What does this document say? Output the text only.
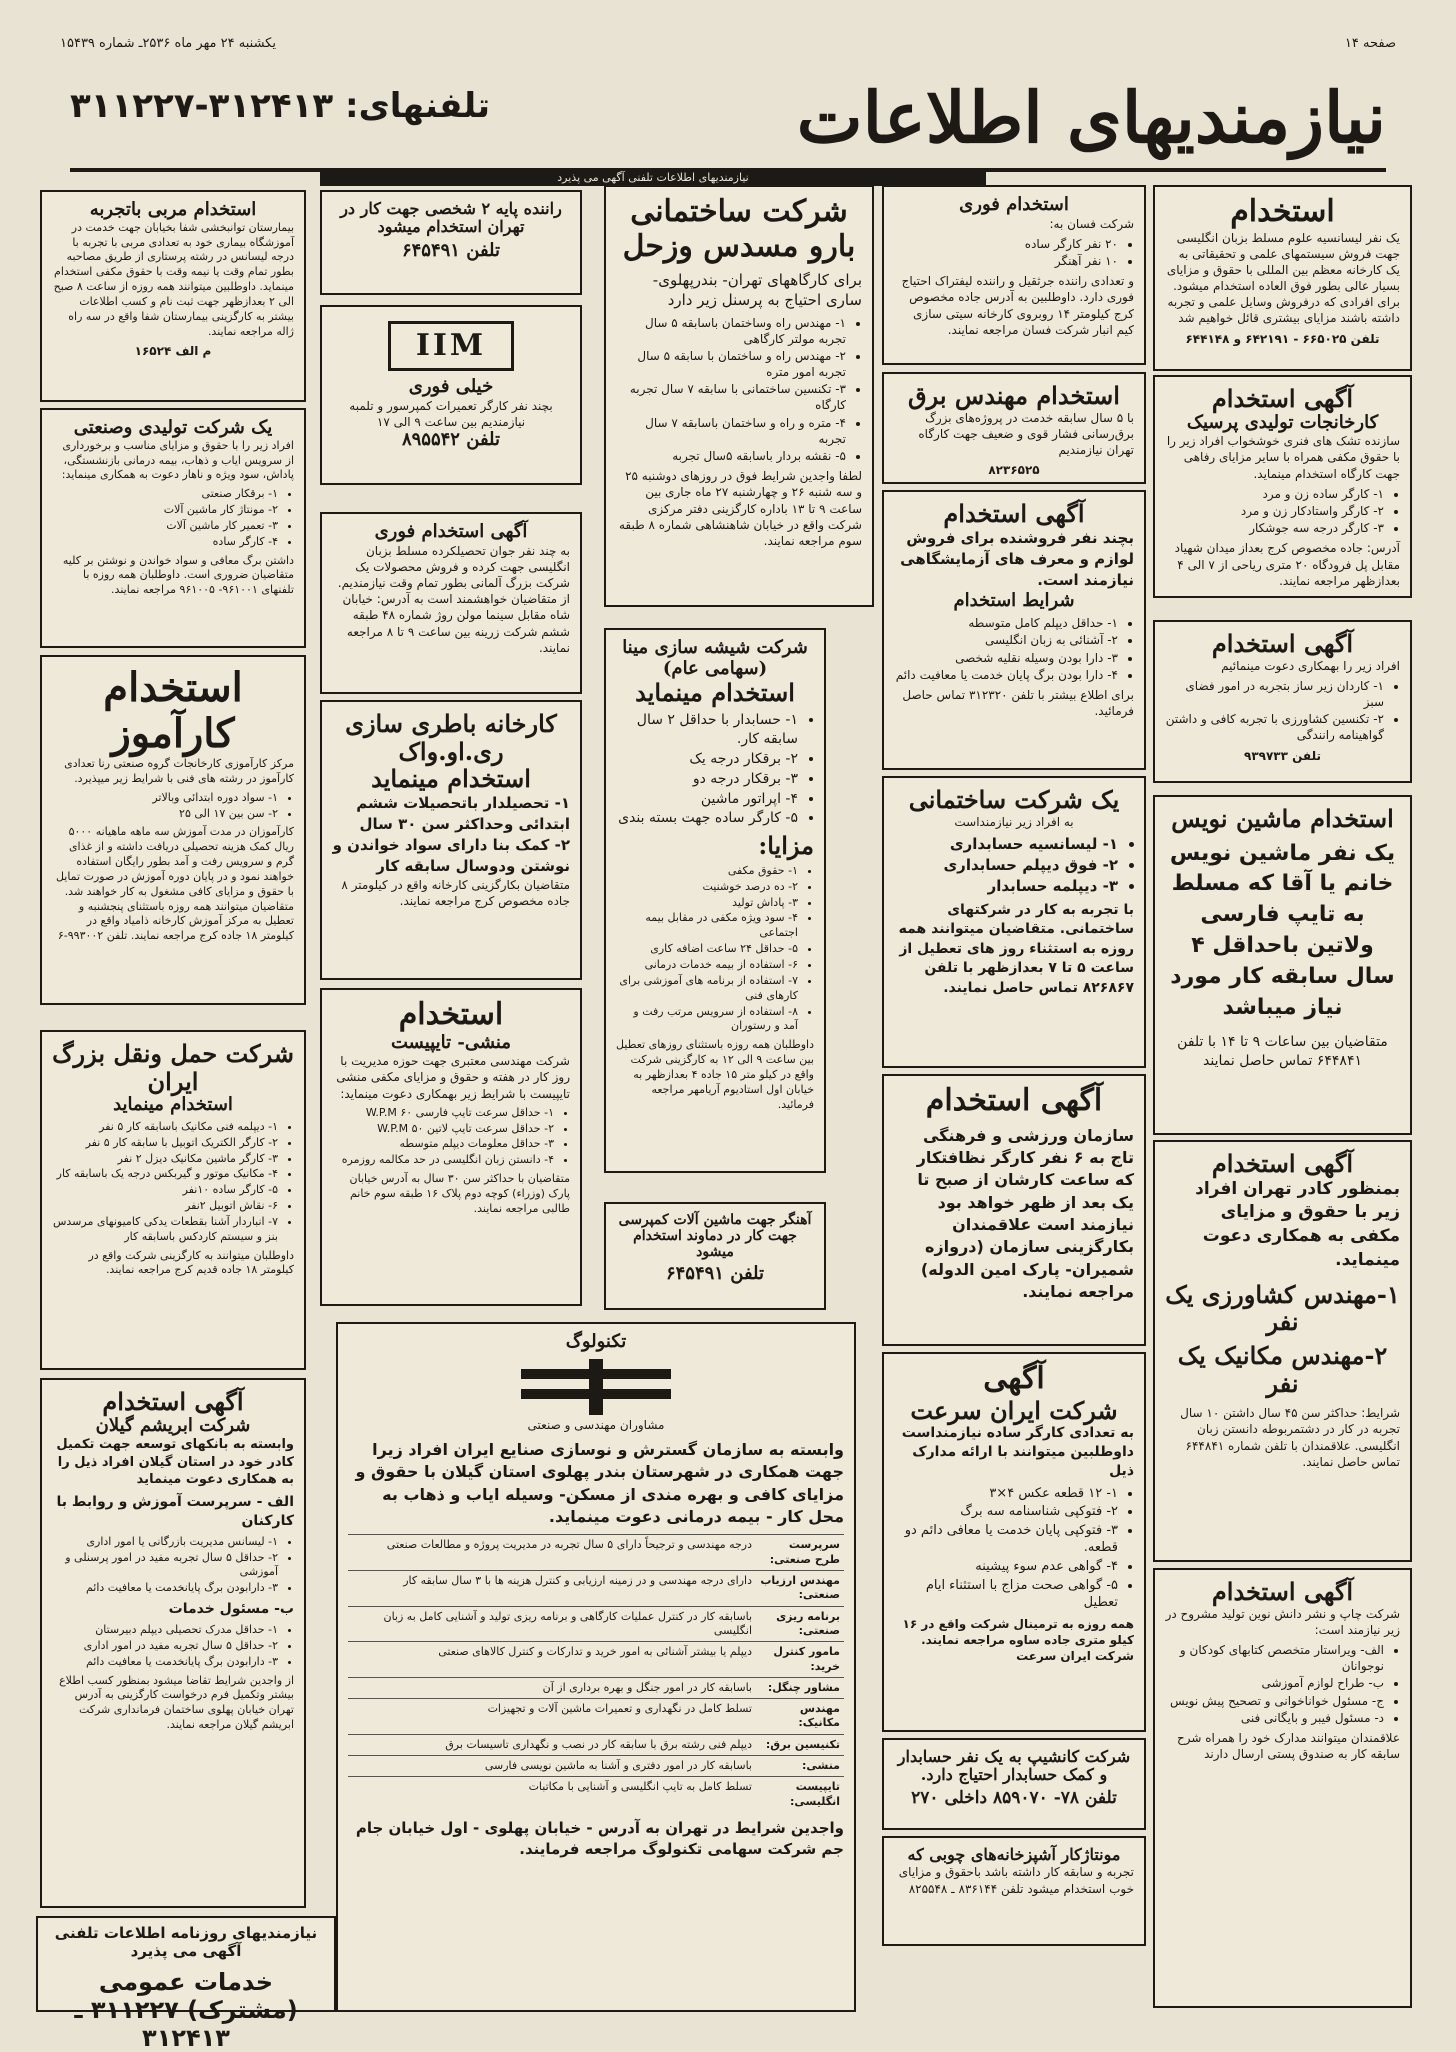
صفحه ۱۴
یکشنبه ۲۴ مهر ماه ۲۵۳۶ـ شماره ۱۵۴۳۹
نیازمندیهای اطلاعات
تلفنهای: ۳۱۲۴۱۳-۳۱۱۲۲۷
نیازمندیهای اطلاعات تلفنی آگهی می پذیرد
استخدام
یک نفر لیسانسیه علوم مسلط بزبان انگلیسی جهت فروش سیستمهای علمی و تحقیقاتی به یک کارخانه معظم بین المللی با حقوق و مزایای بسیار عالی بطور فوق العاده استخدام میشود. برای افرادی که درفروش وسایل علمی و تجربه داشته باشند مزایای بیشتری قائل خواهیم شد
تلفن ۶۶۵۰۲۵ - ۶۴۲۱۹۱ و ۶۴۴۱۴۸
آگهی استخدام
کارخانجات تولیدی پرسیک
سازنده تشک های فنری خوشخواب افراد زیر را با حقوق مکفی همراه با سایر مزایای رفاهی جهت کارگاه استخدام مینماید.
• ۱- کارگر ساده زن و مرد
• ۲- کارگر واستادکار زن و مرد
• ۳- کارگر درجه سه جوشکار
آدرس: جاده مخصوص کرج بعداز میدان شهیاد مقابل پل فرودگاه ۲۰ متری ریاحی از ۷ الی ۴ بعدازظهر مراجعه نمایند.
آگهی استخدام
افراد زیر را بهمکاری دعوت مینمائیم
• ۱- کاردان زیر ساز بتجربه در امور فضای سبز
• ۲- تکنسین کشاورزی با تجربه کافی و داشتن گواهینامه رانندگی
تلفن ۹۳۹۷۳۳
استخدام ماشین نویس
یک نفر ماشین نویس خانم یا آقا که مسلط به تایپ فارسی ولاتین باحداقل ۴ سال سابقه کار مورد نیاز میباشد
متقاضیان بین ساعات ۹ تا ۱۴ با تلفن ۶۴۴۸۴۱ تماس حاصل نمایند
آگهی استخدام
بمنظور کادر تهران افراد زیر با حقوق و مزایای مکفی به همکاری دعوت مینماید.
۱-مهندس کشاورزی یک نفر
۲-مهندس مکانیک یک نفر
شرایط: حداکثر سن ۴۵ سال داشتن ۱۰ سال تجربه در کار در دشتمربوطه دانستن زبان انگلیسی. علاقمندان با تلفن شماره ۶۴۴۸۴۱ تماس حاصل نمایند.
آگهی استخدام
شرکت چاپ و نشر دانش نوین تولید مشروح در زیر نیازمند است:
• الف- ویراستار متخصص کتابهای کودکان و نوجوانان
• ب- طراح لوازم آموزشی
• ج- مسئول خواناخوانی و تصحیح پیش نویس
• د- مسئول فیبر و بایگانی فنی
علاقمندان میتوانند مدارک خود را همراه شرح سابقه کار به صندوق پستی ارسال دارند
استخدام فوری
شرکت فسان به:
• ۲۰ نفر کارگر ساده
• ۱۰ نفر آهنگر
و تعدادی راننده جرثقیل و راننده لیفتراک احتیاج فوری دارد. داوطلبین به آدرس جاده مخصوص کرج کیلومتر ۱۴ روبروی کارخانه سیتی سازی کیم انبار شرکت فسان مراجعه نمایند.
استخدام مهندس برق
با ۵ سال سابقه خدمت در پروژه‌های بزرگ برق‌رسانی فشار قوی و ضعیف جهت کارگاه تهران نیازمندیم
۸۲۳۶۵۲۵
آگهی استخدام
بچند نفر فروشنده برای فروش لوازم و معرف های آزمایشگاهی نیازمند است.
شرایط استخدام
• ۱- حداقل دیپلم کامل متوسطه
• ۲- آشنائی به زبان انگلیسی
• ۳- دارا بودن وسیله نقلیه شخصی
• ۴- دارا بودن برگ پایان خدمت یا معافیت دائم
برای اطلاع بیشتر با تلفن ۳۱۲۳۲۰ تماس حاصل فرمائید.
یک شرکت ساختمانی
به افراد زیر نیازمنداست
• ۱- لیسانسیه حسابداری
• ۲- فوق دیپلم حسابداری
• ۳- دیپلمه حسابدار
با تجربه به کار در شرکتهای ساختمانی. متقاضیان میتوانند همه روزه به استثناء روز های تعطیل از ساعت ۵ تا ۷ بعدازظهر با تلفن ۸۲۶۸۶۷ تماس حاصل نمایند.
آگهی استخدام
سازمان ورزشی و فرهنگی تاج به ۶ نفر کارگر نظافتکار که ساعت کارشان از صبح تا یک بعد از ظهر خواهد بود نیازمند است علاقمندان بکارگزینی سازمان (دروازه شمیران- پارک امین الدوله) مراجعه نمایند.
آگهی
شرکت ایران سرعت
به تعدادی کارگر ساده نیازمنداست داوطلبین میتوانند با ارائه مدارک ذیل
• ۱- ۱۲ قطعه عکس ۴×۳
• ۲- فتوکپی شناسنامه سه برگ
• ۳- فتوکپی پایان خدمت یا معافی دائم دو قطعه.
• ۴- گواهی عدم سوء پیشینه
• ۵- گواهی صحت مزاج با استثناء ایام تعطیل
همه روزه به ترمینال شرکت واقع در ۱۶ کیلو متری جاده ساوه مراجعه نمایند. شرکت ایران سرعت
شرکت کانشیپ به یک نفر حسابدار و کمک حسابدار احتیاج دارد.
تلفن ۷۸- ۸۵۹۰۷۰ داخلی ۲۷۰
مونتاژکار آشپزخانه‌های چوبی که
تجربه و سابقه کار داشته باشد باحقوق و مزایای خوب استخدام میشود تلفن ۸۳۶۱۴۴ ـ ۸۲۵۵۴۸
شرکت ساختمانی بارو مسدس وزحل
برای کارگاههای تهران- بندرپهلوی- ساری احتیاج به پرسنل زیر دارد
• ۱- مهندس راه وساختمان باسابقه ۵ سال تجربه مولتر کارگاهی
• ۲- مهندس راه و ساختمان با سابقه ۵ سال تجربه امور متره
• ۳- تکنسین ساختمانی با سابقه ۷ سال تجربه کارگاه
• ۴- متره و راه و ساختمان باسابقه ۷ سال تجربه
• ۵- نقشه بردار باسابقه ۵سال تجربه
لطفا واجدین شرایط فوق در روزهای دوشنبه ۲۵ و سه شنبه ۲۶ و چهارشنبه ۲۷ ماه جاری بین ساعت ۹ تا ۱۳ باداره کارگزینی دفتر مرکزی شرکت واقع در خیابان شاهنشاهی شماره ۸ طبقه سوم مراجعه نمایند.
شرکت شیشه سازی مینا (سهامی عام)
استخدام مینماید
• ۱- حسابدار با حداقل ۲ سال سابقه کار.
• ۲- برقکار درجه یک
• ۳- برقکار درجه دو
• ۴- اپراتور ماشین
• ۵- کارگر ساده جهت بسته بندی
مزایا:
• ۱- حقوق مکفی
• ۲- ده درصد خوشنیت
• ۳- پاداش تولید
• ۴- سود ویژه مکفی در مقابل بیمه اجتماعی
• ۵- حداقل ۲۴ ساعت اضافه کاری
• ۶- استفاده از بیمه خدمات درمانی
• ۷- استفاده از برنامه های آموزشی برای کارهای فنی
• ۸- استفاده از سرویس مرتب رفت و آمد و رستوران
داوطلبان همه روزه باستثنای روزهای تعطیل بین ساعت ۹ الی ۱۲ به کارگزینی شرکت واقع در کیلو متر ۱۵ جاده ۴ بعدازظهر به خیابان اول استادیوم آریامهر مراجعه فرمائید.
آهنگر جهت ماشین آلات کمپرسی جهت کار در دماوند استخدام میشود
تلفن ۶۴۵۴۹۱
راننده پایه ۲ شخصی جهت کار در تهران استخدام میشود
تلفن ۶۴۵۴۹۱
IIM
خیلی فوری
بچند نفر کارگر تعمیرات کمپرسور و تلمبه نیازمندیم بین ساعت ۹ الی ۱۷
تلفن ۸۹۵۵۴۲
آگهی استخدام فوری
به چند نفر جوان تحصیلکرده مسلط بزبان انگلیسی جهت کرده و فروش محصولات یک شرکت بزرگ آلمانی بطور تمام وقت نیازمندیم. از متقاضیان خواهشمند است به آدرس: خیابان شاه مقابل سینما مولن روژ شماره ۴۸ طبقه ششم شرکت زرینه بین ساعت ۹ تا ۸ مراجعه نمایند.
کارخانه باطری سازی ری.او.واک
استخدام مینماید
۱- تحصیلدار باتحصیلات ششم ابتدائی وحداکثر سن ۳۰ سال
۲- کمک بنا دارای سواد خواندن و نوشتن ودوسال سابقه کار
متقاضیان بکارگزینی کارخانه واقع در کیلومتر ۸ جاده مخصوص کرج مراجعه نمایند.
استخدام
منشی- تایپیست
شرکت مهندسی معتبری جهت حوزه مدیریت با روز کار در هفته و حقوق و مزایای مکفی منشی تایپیست با شرایط زیر بهمکاری دعوت مینماید:
• ۱- حداقل سرعت تایپ فارسی ۶۰ W.P.M
• ۲- حداقل سرعت تایپ لاتین ۵۰ W.P.M
• ۳- حداقل معلومات دیپلم متوسطه
• ۴- دانستن زبان انگلیسی در حد مکالمه روزمره
متقاضیان با حداکثر سن ۳۰ سال به آدرس خیابان پارک (وزراء) کوچه دوم پلاک ۱۶ طبقه سوم خانم طالبی مراجعه نمایند.
تکنولوگ
مشاوران مهندسی و صنعتی
وابسته به سازمان گسترش و نوسازی صنایع ایران افراد زیرا جهت همکاری در شهرستان بندر پهلوی استان گیلان با حقوق و مزایای کافی و بهره مندی از مسکن- وسیله ایاب و ذهاب به محل کار - بیمه درمانی دعوت مینماید.
سرپرست طرح صنعتی:	درجه مهندسی و ترجیحاً دارای ۵ سال تجربه در مدیریت پروژه و مطالعات صنعتی
مهندس ارزیاب صنعتی:	دارای درجه مهندسی و در زمینه ارزیابی و کنترل هزینه ها با ۳ سال سابقه کار
برنامه ریزی صنعتی:	باسابقه کار در کنترل عملیات کارگاهی و برنامه ریزی تولید و آشنایی کامل به زبان انگلیسی
مامور کنترل خرید:	دیپلم یا بیشتر آشنائی به امور خرید و تدارکات و کنترل کالاهای صنعتی
مشاور چنگل:	باسابقه کار در امور جنگل و بهره برداری از آن
مهندس مکانیک:	تسلط کامل در نگهداری و تعمیرات ماشین آلات و تجهیزات
تکنیسین برق:	دیپلم فنی رشته برق با سابقه کار در نصب و نگهداری تاسیسات برق
منشی:	باسابقه کار در امور دفتری و آشنا به ماشین نویسی فارسی
تایپیست انگلیسی:	تسلط کامل به تایپ انگلیسی و آشنایی با مکاتبات
واجدین شرایط در تهران به آدرس - خیابان پهلوی - اول خیابان جام جم شرکت سهامی تکنولوگ مراجعه فرمایند.
استخدام مربی باتجربه
بیمارستان توانبخشی شفا بخیابان جهت خدمت در آموزشگاه بیماری خود به تعدادی مربی با تجربه با درجه لیسانس در رشته پرستاری از طریق مصاحبه بطور تمام وقت یا نیمه وقت با حقوق مکفی استخدام مینماید. داوطلبین میتوانند همه روزه از ساعت ۸ صبح الی ۲ بعدازظهر جهت ثبت نام و کسب اطلاعات بیشتر به کارگزینی بیمارستان شفا واقع در سه راه ژاله مراجعه نمایند.
م الف ۱۶۵۲۴
یک شرکت تولیدی وصنعتی
افراد زیر را با حقوق و مزایای مناسب و برخورداری از سرویس ایاب و ذهاب، بیمه درمانی بازنشستگی، پاداش، سود ویژه و ناهار دعوت به همکاری مینماید:
• ۱- برقکار صنعتی
• ۲- مونتاژ کار ماشین آلات
• ۳- تعمیر کار ماشین آلات
• ۴- کارگر ساده
داشتن برگ معافی و سواد خواندن و نوشتن بر کلیه متقاضیان ضروری است. داوطلبان همه روزه با تلفنهای ۹۶۱۰۰۱- ۹۶۱۰۰۵ مراجعه نمایند.
استخدام کارآموز
مرکز کارآموزی کارخانجات گروه صنعتی رنا تعدادی کارآموز در رشته های فنی با شرایط زیر میپذیرد.
• ۱- سواد دوره ابتدائی وبالاتر
• ۲- سن بین ۱۷ الی ۲۵
کارآموزان در مدت آموزش سه ماهه ماهیانه ۵۰۰۰ ریال کمک هزینه تحصیلی دریافت داشته و از غذای گرم و سرویس رفت و آمد بطور رایگان استفاده خواهند نمود و در پایان دوره آموزش در صورت تمایل با حقوق و مزایای کافی مشغول به کار خواهند شد. متقاضیان میتوانند همه روزه باستثنای پنجشنبه و تعطیل به مرکز آموزش کارخانه ذامیاد واقع در کیلومتر ۱۸ جاده کرج مراجعه نمایند. تلفن ۹۹۳۰۰۲-۶
شرکت حمل ونقل بزرگ ایران
استخدام مینماید
• ۱- دیپلمه فنی مکانیک باسابقه کار ۵ نفر
• ۲- کارگر الکتریک اتوبیل با سابقه کار ۵ نفر
• ۳- کارگر ماشین مکانیک دیزل ۲ نفر
• ۴- مکانیک موتور و گیربکس درجه یک باسابقه کار
• ۵- کارگر ساده ۱۰نفر
• ۶- نقاش اتوبیل ۲نفر
• ۷- انباردار آشنا بقطعات یدکی کامیونهای مرسدس بنز و سیستم کاردکس باسابقه کار
داوطلبان میتوانند به کارگزینی شرکت واقع در کیلومتر ۱۸ جاده قدیم کرج مراجعه نمایند.
آگهی استخدام
شرکت ابریشم گیلان
وابسته به بانکهای توسعه جهت تکمیل کادر خود در استان گیلان افراد ذیل را به همکاری دعوت مینماید
الف - سرپرست آموزش و روابط با کارکنان
• ۱- لیسانس مدیریت بازرگانی یا امور اداری
• ۲- حداقل ۵ سال تجربه مفید در امور پرسنلی و آموزشی
• ۳- دارابودن برگ پایانخدمت یا معافیت دائم
ب- مسئول خدمات
• ۱- حداقل مدرک تحصیلی دیپلم دبیرستان
• ۲- حداقل ۵ سال تجربه مفید در امور اداری
• ۳- دارابودن برگ پایانخدمت یا معافیت دائم
از واجدین شرایط تقاضا میشود بمنظور کسب اطلاع بیشتر وتکمیل فرم درخواست کارگزینی به آدرس تهران خیابان پهلوی ساختمان فرمانداری شرکت ابریشم گیلان مراجعه نمایند.
نیازمندیهای روزنامه اطلاعات تلفنی آگهی می پذیرد
خدمات عمومی (مشترک) ۳۱۱۲۲۷ ـ ۳۱۲۴۱۳
